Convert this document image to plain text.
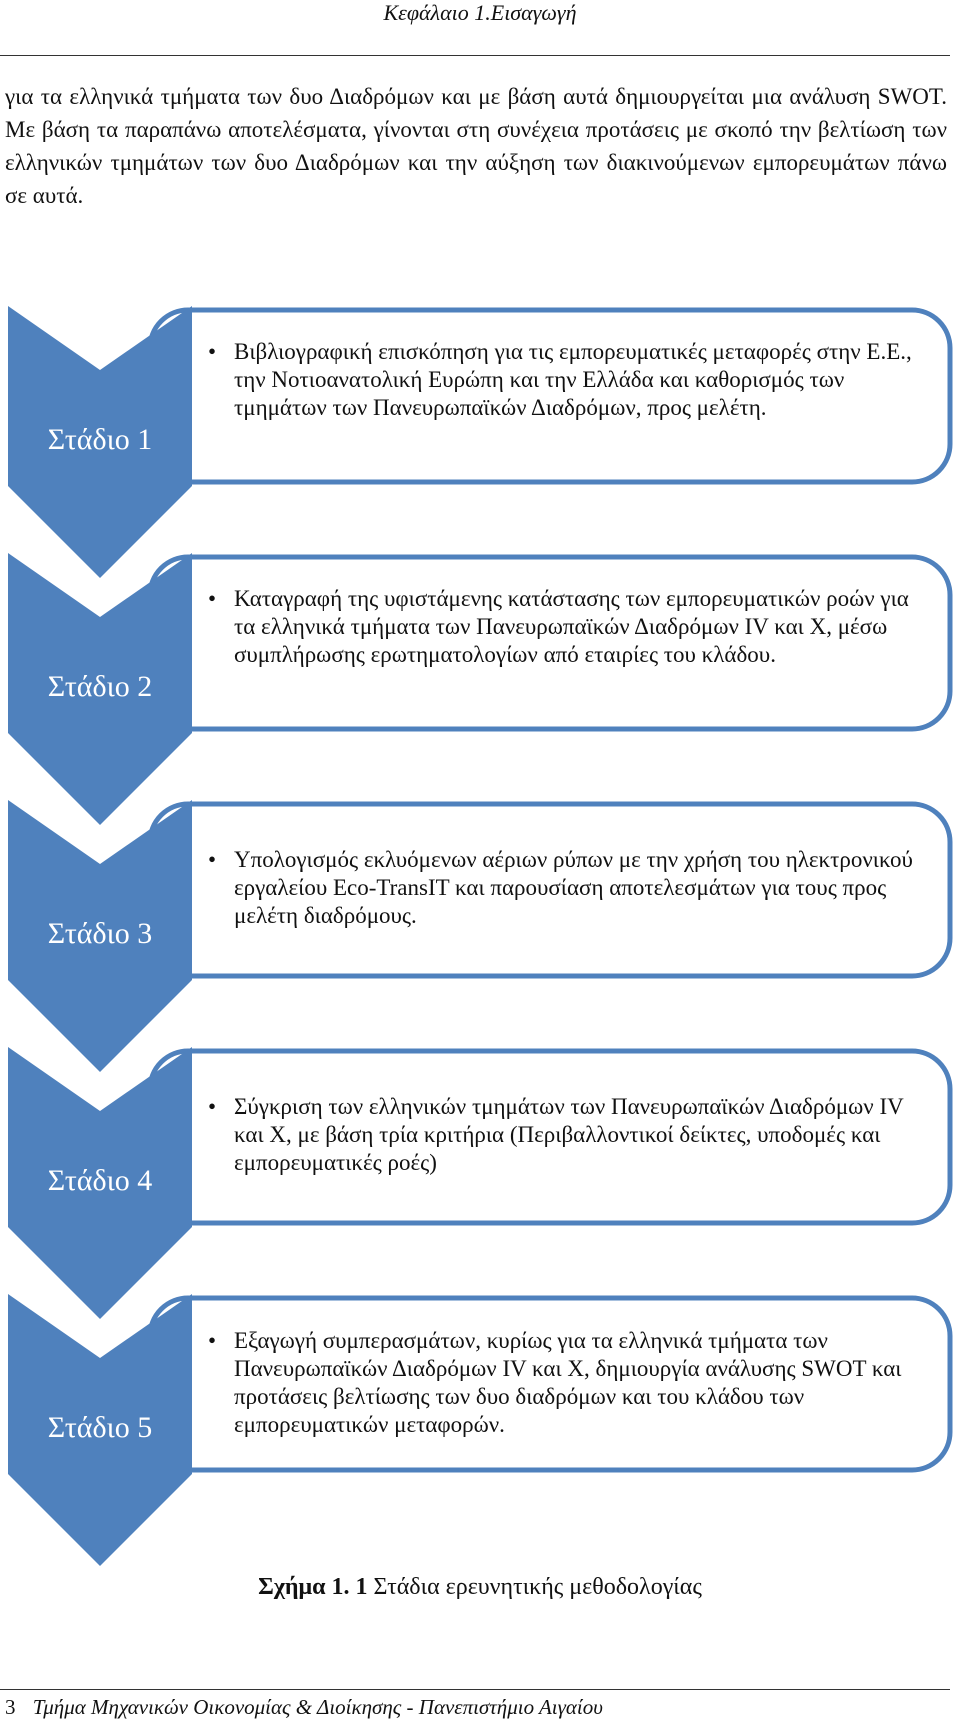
Κεφάλαιο 1.Εισαγωγή

για τα ελληνικά τμήματα των δυο Διαδρόμων και με βάση αυτά δημιουργείται μια ανάλυση SWOT. Με βάση τα παραπάνω αποτελέσματα, γίνονται στη συνέχεια προτάσεις με σκοπό την βελτίωση των ελληνικών τμημάτων των δυο Διαδρόμων και την αύξηση των διακινούμενων εμπορευμάτων πάνω σε αυτά.

Στάδιο 1
Στάδιο 2
Στάδιο 3
Στάδιο 4
Στάδιο 5
• Βιβλιογραφική επισκόπηση για τις εμπορευματικές μεταφορές στην Ε.Ε., την Νοτιοανατολική Ευρώπη και την Ελλάδα και καθορισμός των τμημάτων των Πανευρωπαϊκών Διαδρόμων, προς μελέτη.
• Καταγραφή της υφιστάμενης κατάστασης των εμπορευματικών ροών για τα ελληνικά τμήματα των Πανευρωπαϊκών Διαδρόμων IV και X, μέσω συμπλήρωσης ερωτηματολογίων από εταιρίες του κλάδου.
• Υπολογισμός εκλυόμενων αέριων ρύπων με την χρήση του ηλεκτρονικού εργαλείου Eco-TransIT και παρουσίαση αποτελεσμάτων για τους προς μελέτη διαδρόμους.
• Σύγκριση των ελληνικών τμημάτων των Πανευρωπαϊκών Διαδρόμων IV και X, με βάση τρία κριτήρια (Περιβαλλοντικοί δείκτες, υποδομές και εμπορευματικές ροές)
• Εξαγωγή συμπερασμάτων, κυρίως για τα ελληνικά τμήματα των Πανευρωπαϊκών Διαδρόμων IV και X, δημιουργία ανάλυσης SWOT και προτάσεις βελτίωσης των δυο διαδρόμων και του κλάδου των εμπορευματικών μεταφορών.
Σχήμα 1. 1 Στάδια ερευνητικής μεθοδολογίας
3 Τμήμα Μηχανικών Οικονομίας & Διοίκησης - Πανεπιστήμιο Αιγαίου
